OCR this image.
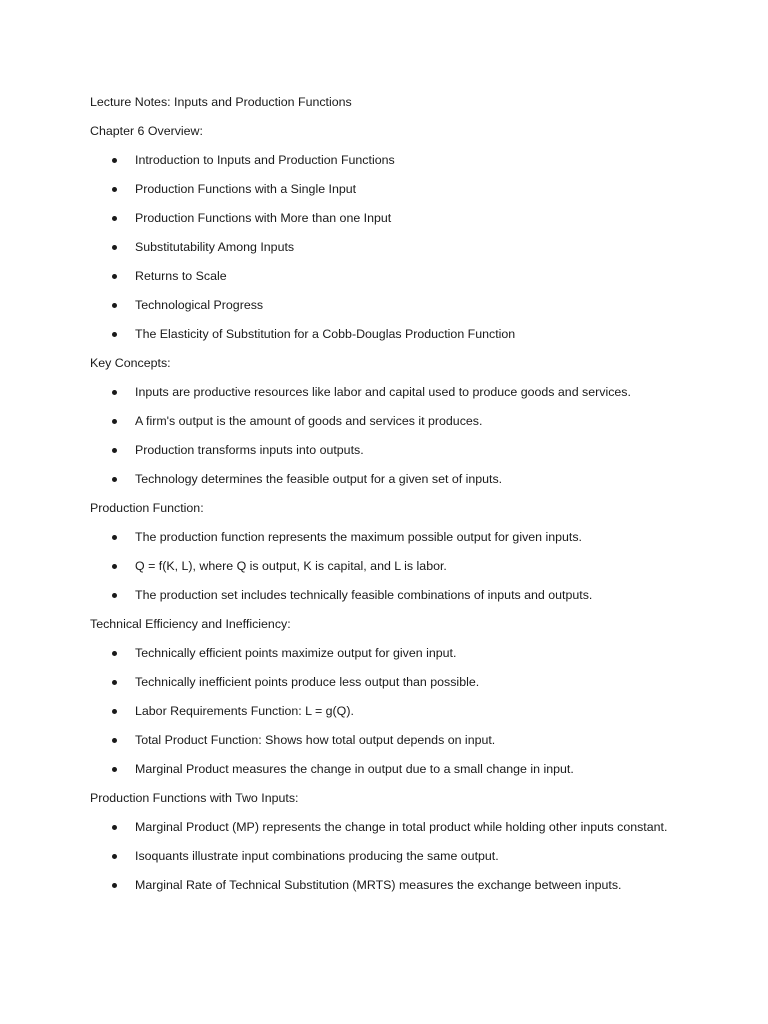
Lecture Notes: Inputs and Production Functions

Chapter 6 Overview:

Introduction to Inputs and Production Functions
Production Functions with a Single Input
Production Functions with More than one Input
Substitutability Among Inputs
Returns to Scale
Technological Progress
The Elasticity of Substitution for a Cobb-Douglas Production Function

Key Concepts:

Inputs are productive resources like labor and capital used to produce goods and services.
A firm's output is the amount of goods and services it produces.
Production transforms inputs into outputs.
Technology determines the feasible output for a given set of inputs.

Production Function:

The production function represents the maximum possible output for given inputs.
Q = f(K, L), where Q is output, K is capital, and L is labor.
The production set includes technically feasible combinations of inputs and outputs.

Technical Efficiency and Inefficiency:

Technically efficient points maximize output for given input.
Technically inefficient points produce less output than possible.
Labor Requirements Function: L = g(Q).
Total Product Function: Shows how total output depends on input.
Marginal Product measures the change in output due to a small change in input.

Production Functions with Two Inputs:

Marginal Product (MP) represents the change in total product while holding other inputs constant.
Isoquants illustrate input combinations producing the same output.
Marginal Rate of Technical Substitution (MRTS) measures the exchange between inputs.
